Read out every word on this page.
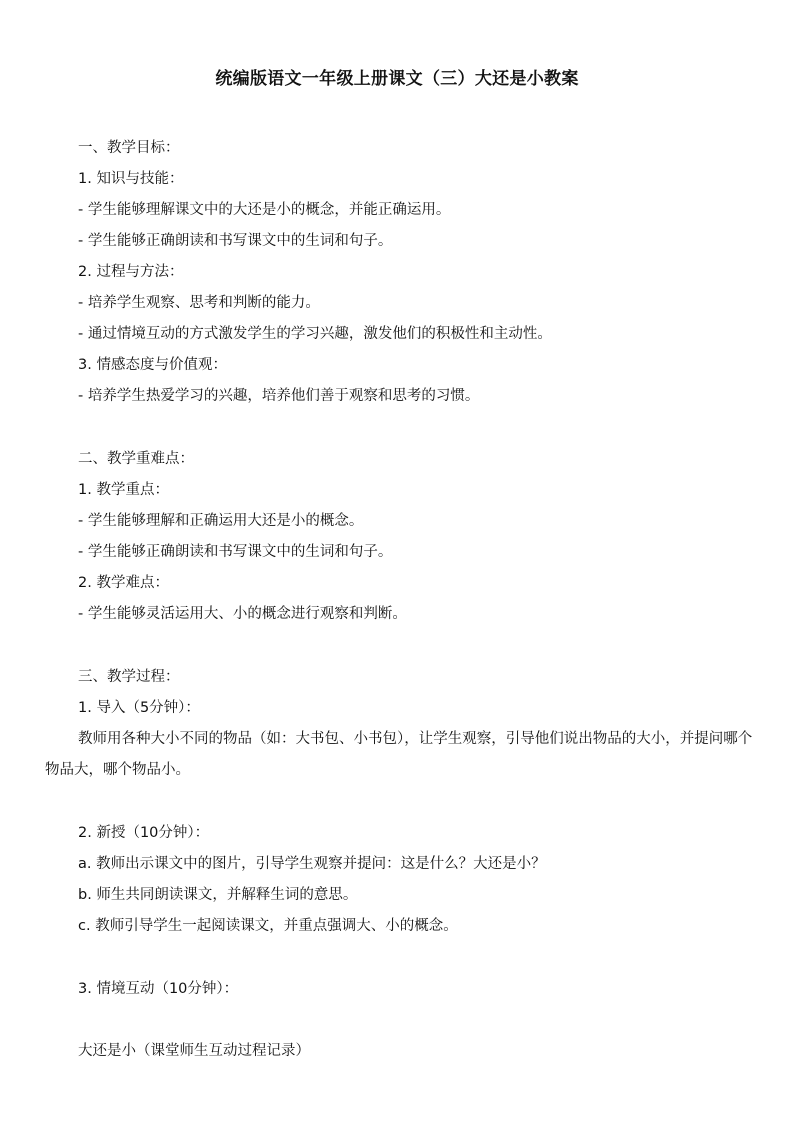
统编版语文一年级上册课文（三）大还是小教案
一、教学目标：
1. 知识与技能：
- 学生能够理解课文中的大还是小的概念，并能正确运用。
- 学生能够正确朗读和书写课文中的生词和句子。
2. 过程与方法：
- 培养学生观察、思考和判断的能力。
- 通过情境互动的方式激发学生的学习兴趣，激发他们的积极性和主动性。
3. 情感态度与价值观：
- 培养学生热爱学习的兴趣，培养他们善于观察和思考的习惯。
二、教学重难点：
1. 教学重点：
- 学生能够理解和正确运用大还是小的概念。
- 学生能够正确朗读和书写课文中的生词和句子。
2. 教学难点：
- 学生能够灵活运用大、小的概念进行观察和判断。
三、教学过程：
1. 导入（5分钟）：
教师用各种大小不同的物品（如：大书包、小书包），让学生观察，引导他们说出物品的大小，并提问哪个物品大，哪个物品小。
2. 新授（10分钟）：
a. 教师出示课文中的图片，引导学生观察并提问：这是什么？大还是小？
b. 师生共同朗读课文，并解释生词的意思。
c. 教师引导学生一起阅读课文，并重点强调大、小的概念。
3. 情境互动（10分钟）：
大还是小（课堂师生互动过程记录）
